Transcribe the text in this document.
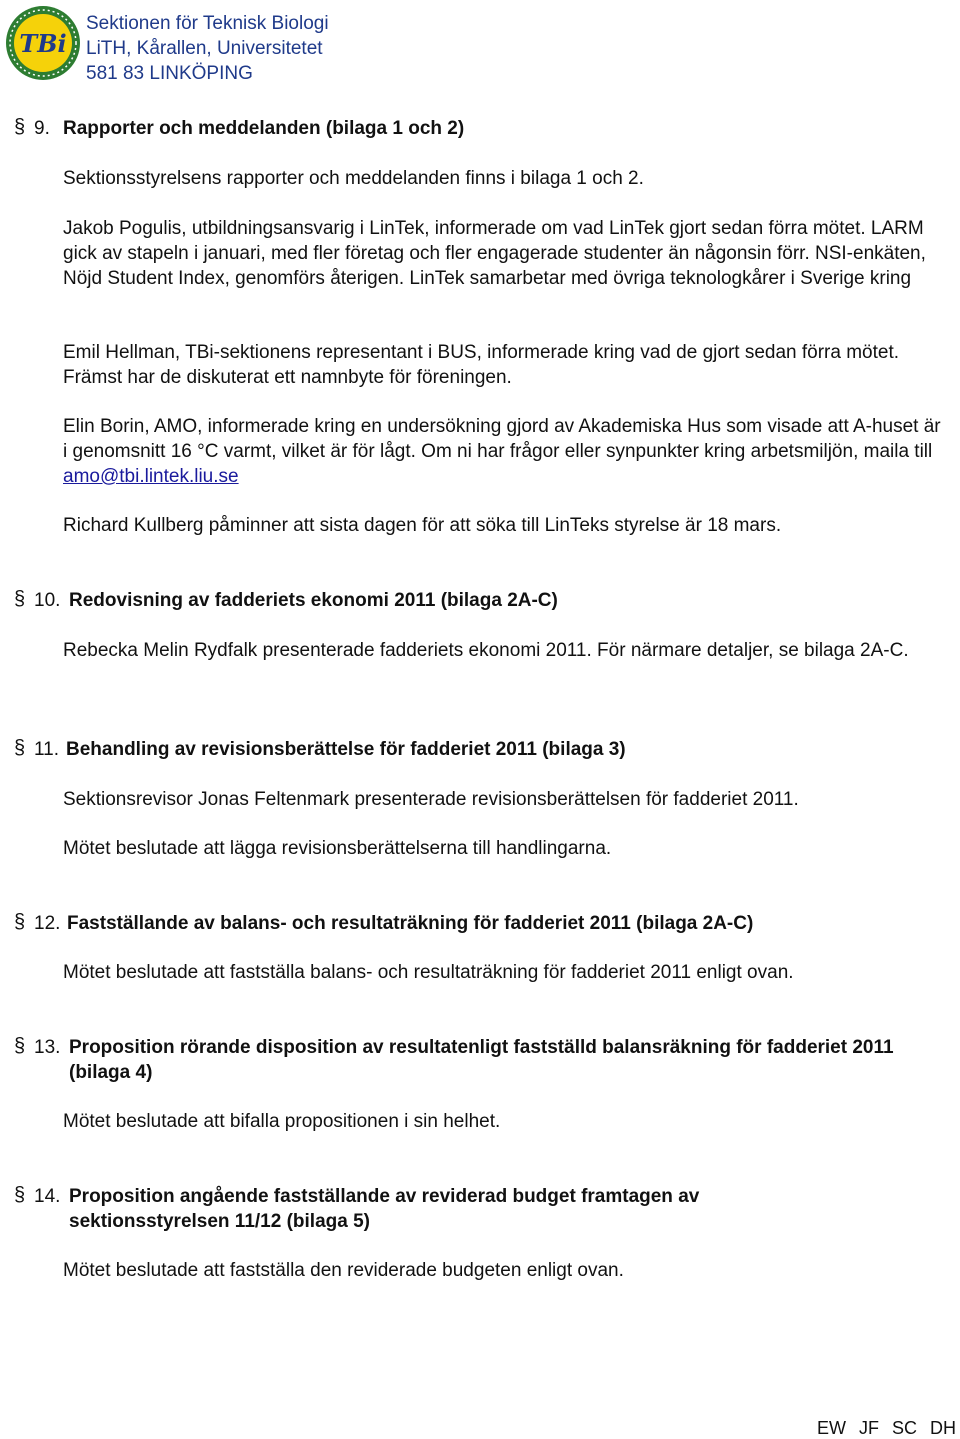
TBi
Sektionen för Teknisk Biologi
LiTH, Kårallen, Universitetet
581 83 LINKÖPING
§ 9. Rapporter och meddelanden (bilaga 1 och 2)
Sektionsstyrelsens rapporter och meddelanden finns i bilaga 1 och 2.
Jakob Pogulis, utbildningsansvarig i LinTek, informerade om vad LinTek gjort sedan förra mötet. LARM gick av stapeln i januari, med fler företag och fler engagerade studenter än någonsin förr. NSI-enkäten, Nöjd Student Index, genomförs återigen. LinTek samarbetar med övriga teknologkårer i Sverige kring
Emil Hellman, TBi-sektionens representant i BUS, informerade kring vad de gjort sedan förra mötet. Främst har de diskuterat ett namnbyte för föreningen.
Elin Borin, AMO, informerade kring en undersökning gjord av Akademiska Hus som visade att A-huset är i genomsnitt 16 °C varmt, vilket är för lågt. Om ni har frågor eller synpunkter kring arbetsmiljön, maila till amo@tbi.lintek.liu.se
Richard Kullberg påminner att sista dagen för att söka till LinTeks styrelse är 18 mars.
§ 10. Redovisning av fadderiets ekonomi 2011 (bilaga 2A-C)
Rebecka Melin Rydfalk presenterade fadderiets ekonomi 2011. För närmare detaljer, se bilaga 2A-C.
§ 11. Behandling av revisionsberättelse för fadderiet 2011 (bilaga 3)
Sektionsrevisor Jonas Feltenmark presenterade revisionsberättelsen för fadderiet 2011.
Mötet beslutade att lägga revisionsberättelserna till handlingarna.
§ 12. Fastställande av balans- och resultaträkning för fadderiet 2011 (bilaga 2A-C)
Mötet beslutade att fastställa balans- och resultaträkning för fadderiet 2011 enligt ovan.
§ 13. Proposition rörande disposition av resultatenligt fastställd balansräkning för fadderiet 2011 (bilaga 4)
Mötet beslutade att bifalla propositionen i sin helhet.
§ 14. Proposition angående fastställande av reviderad budget framtagen av sektionsstyrelsen 11/12 (bilaga 5)
Mötet beslutade att fastställa den reviderade budgeten enligt ovan.
EW JF SC DH
